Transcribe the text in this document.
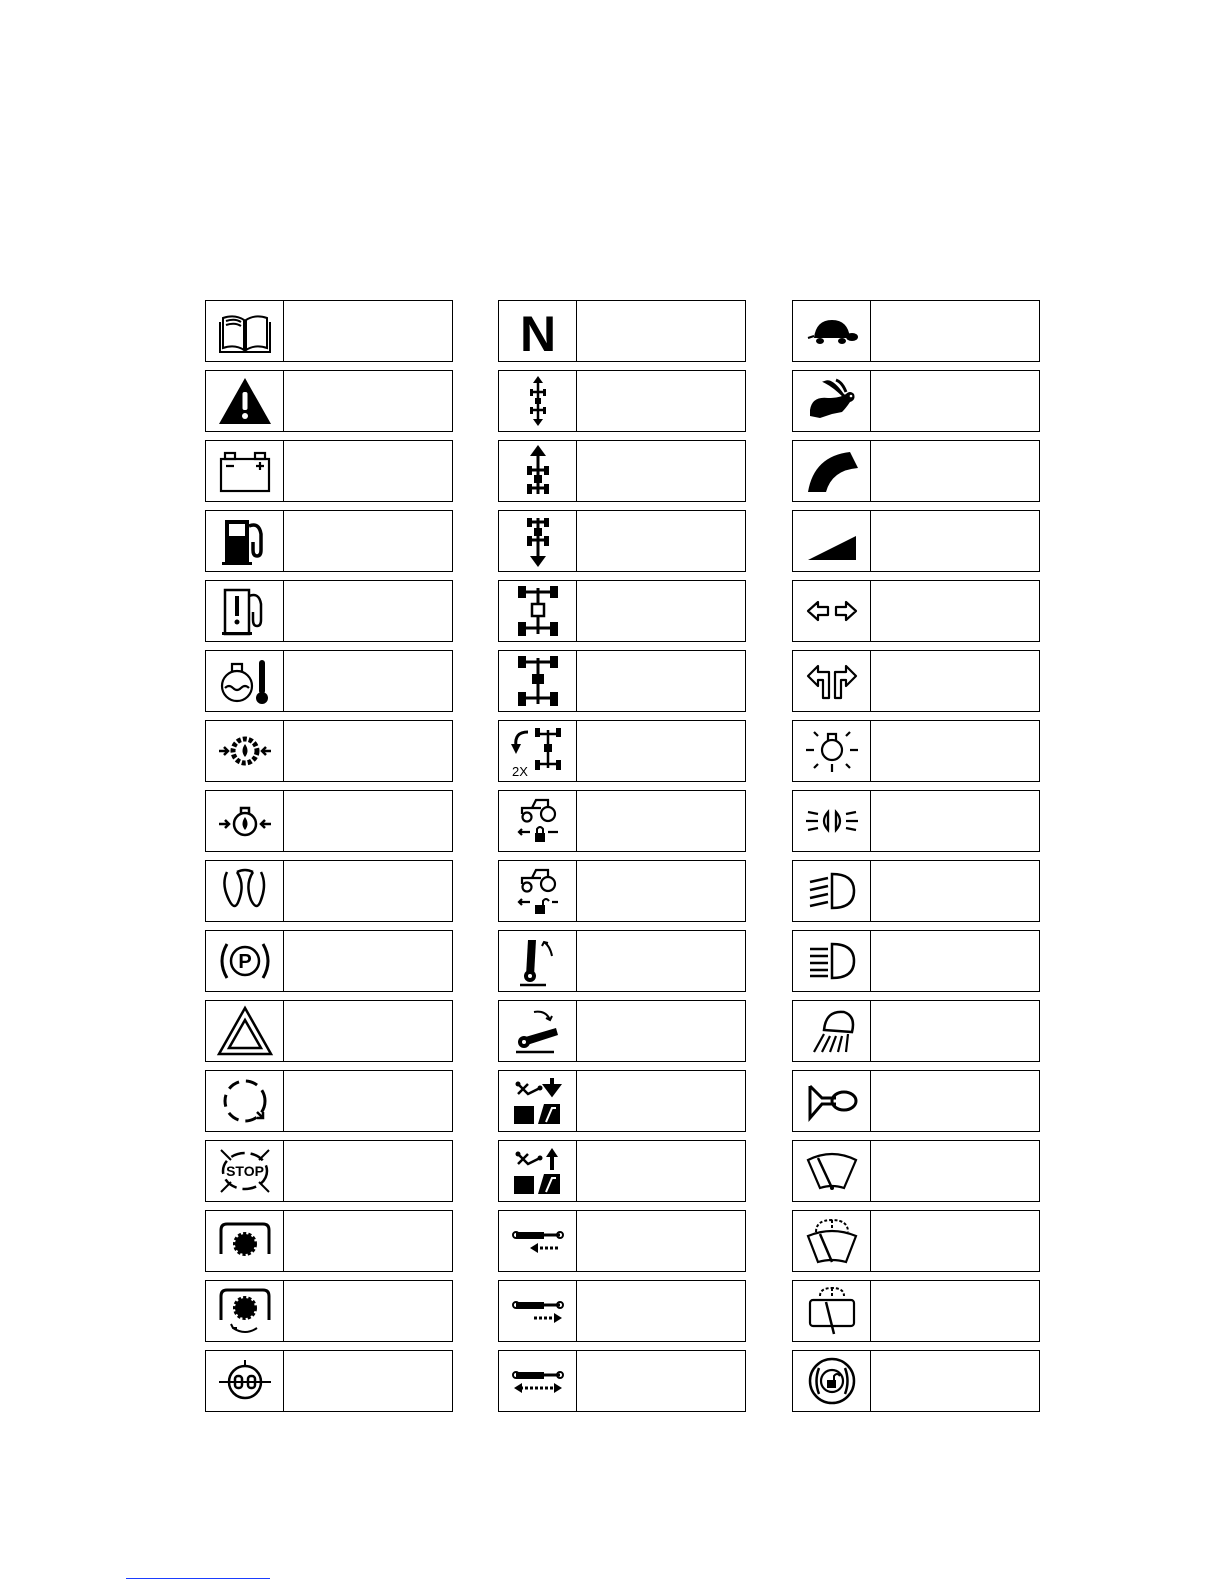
P
STOP
N
2X
